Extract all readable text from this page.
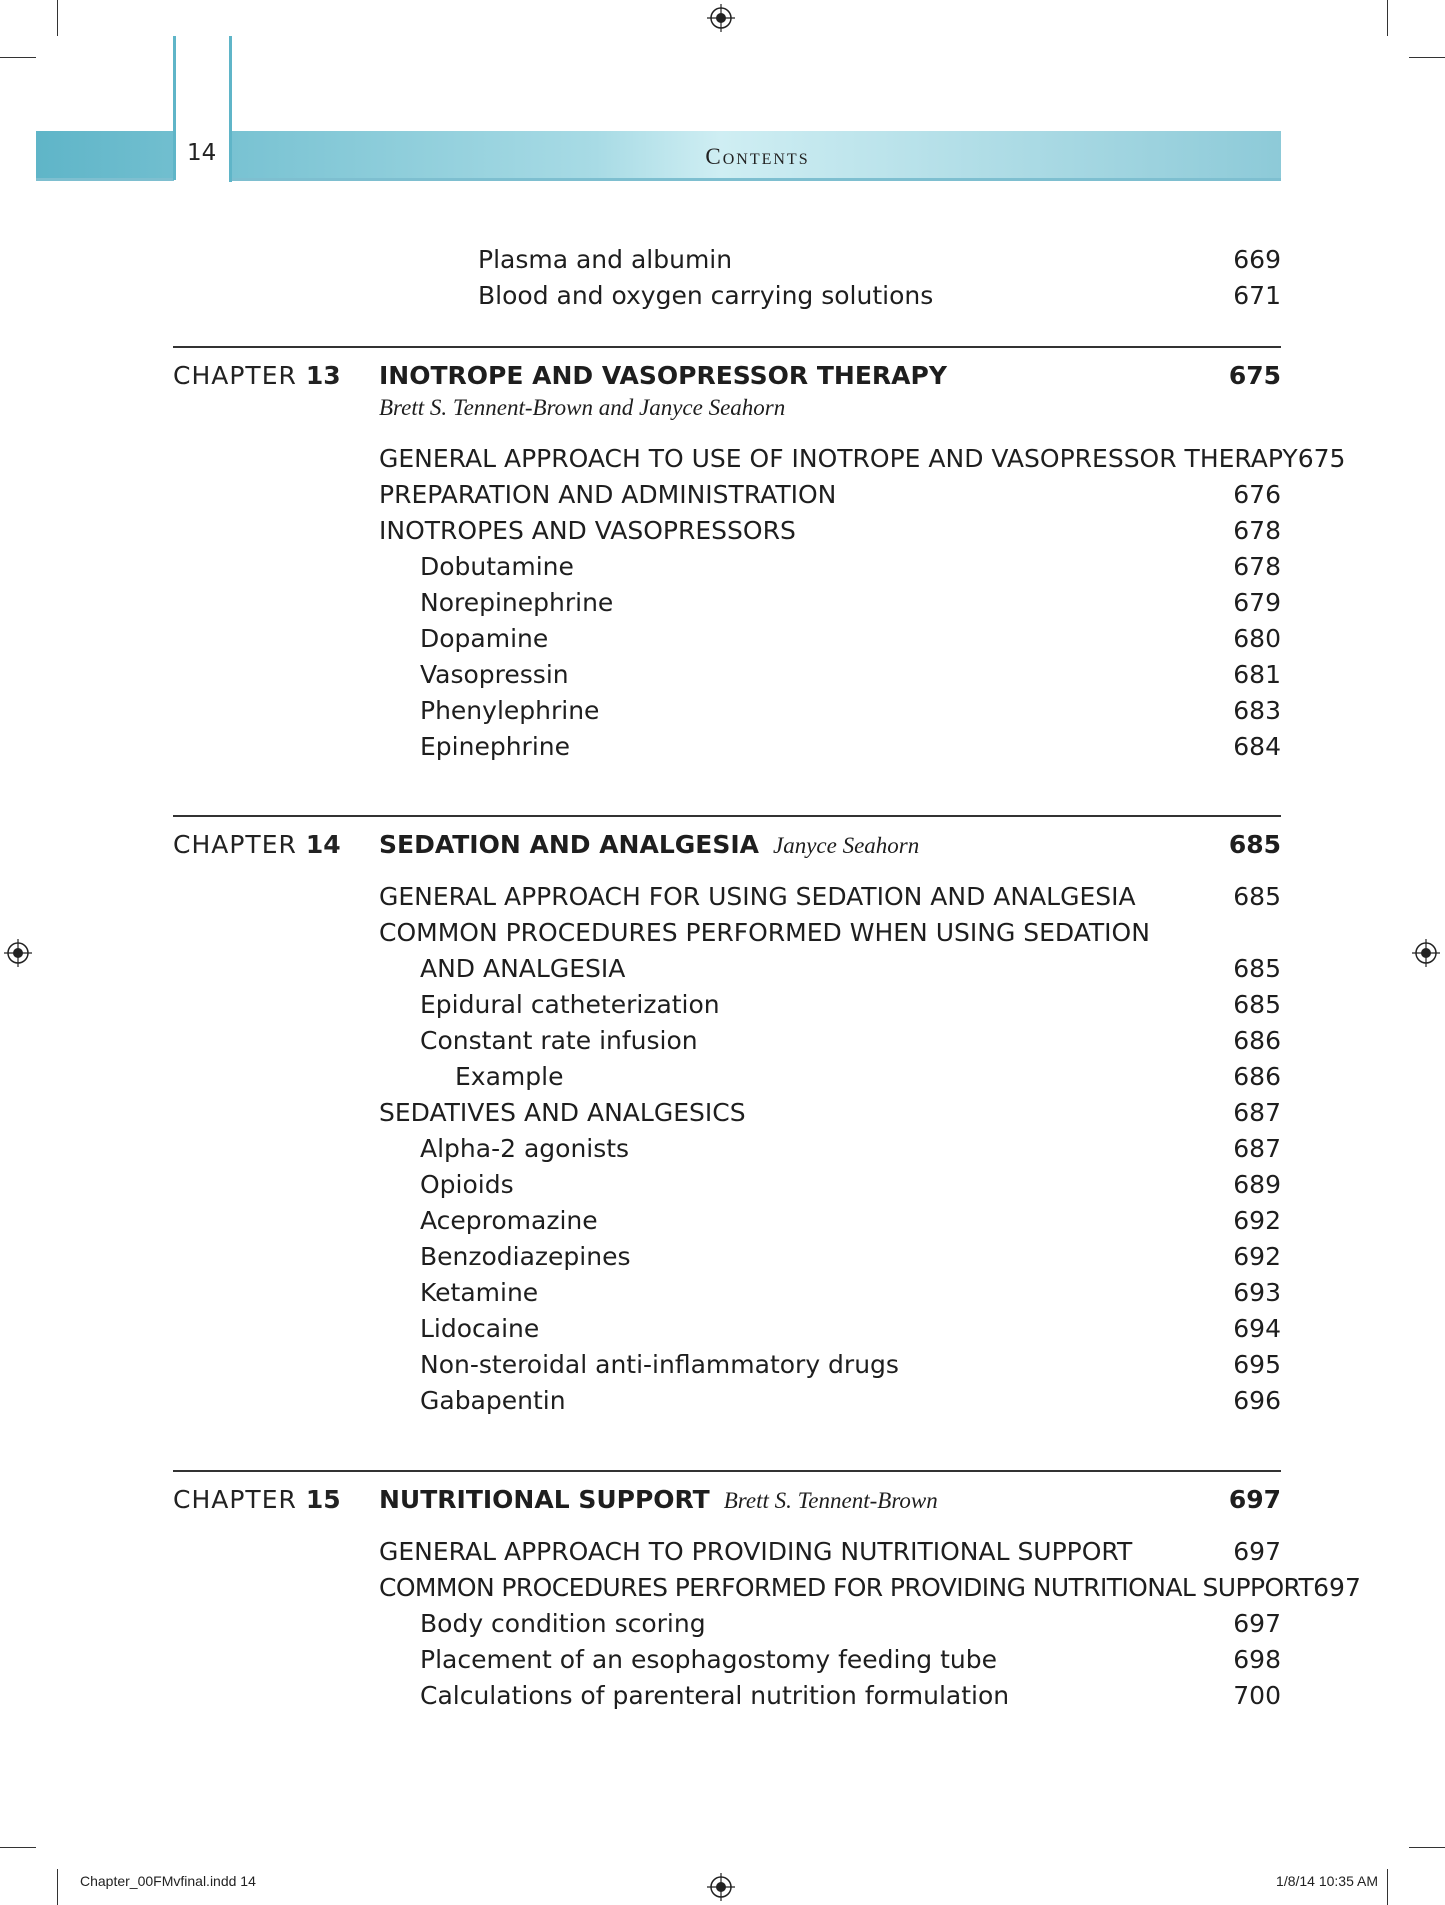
14	Contents
Plasma and albumin	669
Blood and oxygen carrying solutions	671
CHAPTER 13 INOTROPE AND VASOPRESSOR THERAPY	675
Brett S. Tennent-Brown and Janyce Seahorn
GENERAL APPROACH TO USE OF INOTROPE AND VASOPRESSOR THERAPY 675
PREPARATION AND ADMINISTRATION	676
INOTROPES AND VASOPRESSORS	678
Dobutamine	678
Norepinephrine	679
Dopamine	680
Vasopressin	681
Phenylephrine	683
Epinephrine	684
CHAPTER 14 SEDATION AND ANALGESIA Janyce Seahorn	685
GENERAL APPROACH FOR USING SEDATION AND ANALGESIA	685
COMMON PROCEDURES PERFORMED WHEN USING SEDATION
AND ANALGESIA	685
Epidural catheterization	685
Constant rate infusion	686
Example	686
SEDATIVES AND ANALGESICS	687
Alpha-2 agonists	687
Opioids	689
Acepromazine	692
Benzodiazepines	692
Ketamine	693
Lidocaine	694
Non-steroidal anti-inflammatory drugs	695
Gabapentin	696
CHAPTER 15 NUTRITIONAL SUPPORT Brett S. Tennent-Brown	697
GENERAL APPROACH TO PROVIDING NUTRITIONAL SUPPORT	697
COMMON PROCEDURES PERFORMED FOR PROVIDING NUTRITIONAL SUPPORT 697
Body condition scoring	697
Placement of an esophagostomy feeding tube	698
Calculations of parenteral nutrition formulation	700
Chapter_00FMvfinal.indd 14	1/8/14 10:35 AM
